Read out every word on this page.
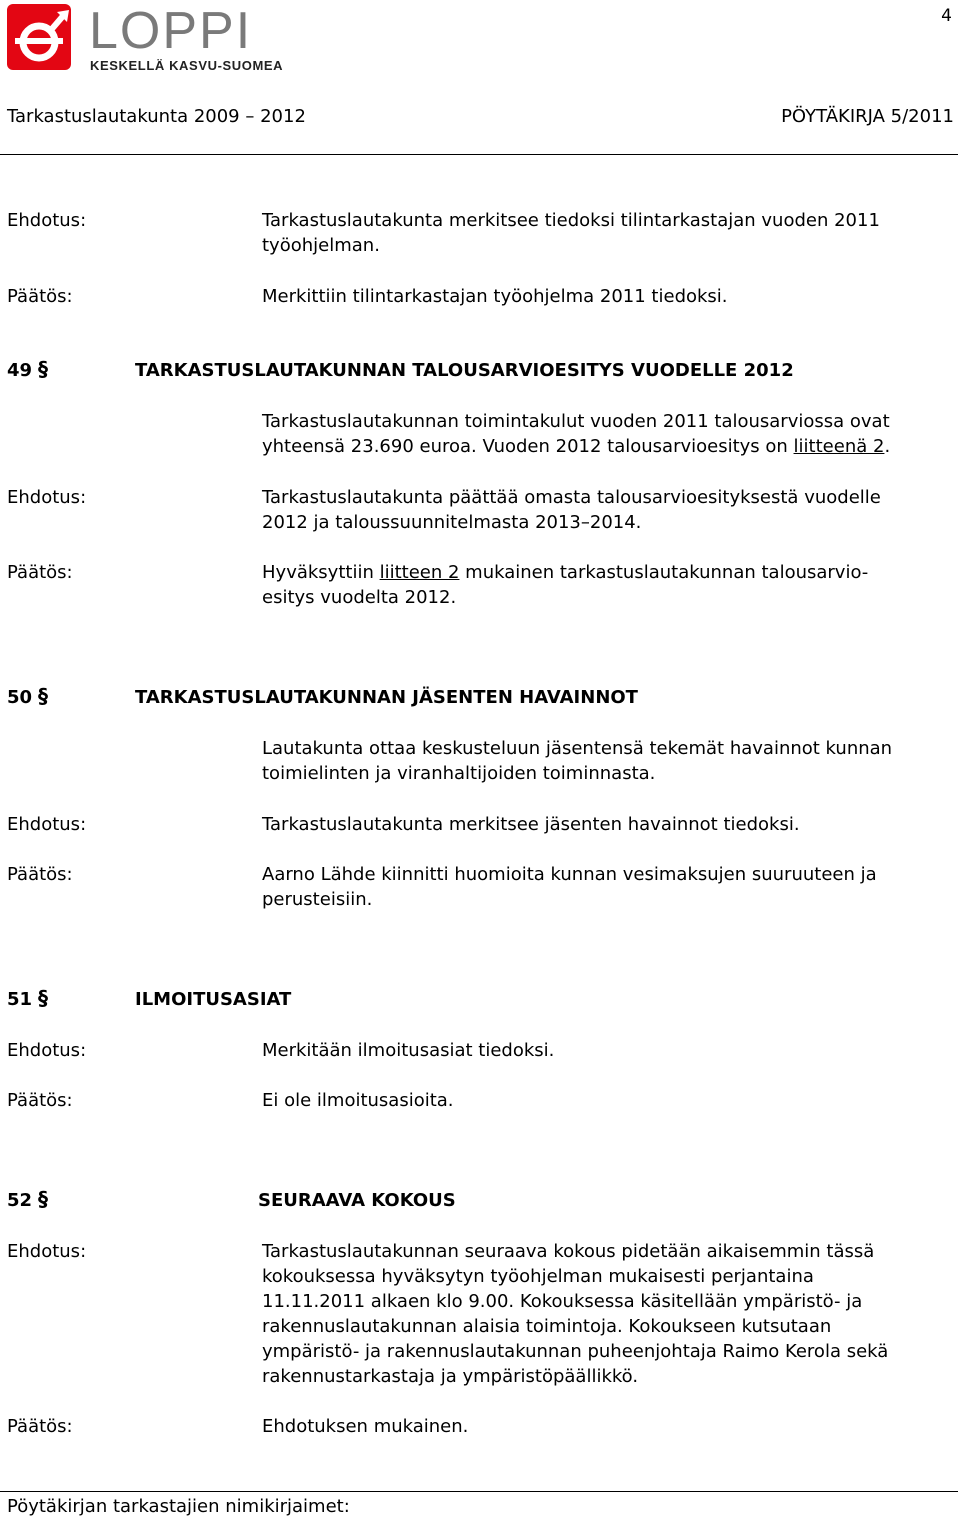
4
LOPPI
KESKELLÄ KASVU-SUOMEA
Tarkastuslautakunta 2009 – 2012	PÖYTÄKIRJA 5/2011
Ehdotus:	Tarkastuslautakunta merkitsee tiedoksi tilintarkastajan vuoden 2011
työohjelman.
Päätös:	Merkittiin tilintarkastajan työohjelma 2011 tiedoksi.
49 §	TARKASTUSLAUTAKUNNAN TALOUSARVIOESITYS VUODELLE 2012
Tarkastuslautakunnan toimintakulut vuoden 2011 talousarviossa ovat
yhteensä 23.690 euroa. Vuoden 2012 talousarvioesitys on liitteenä 2.
Ehdotus:	Tarkastuslautakunta päättää omasta talousarvioesityksestä vuodelle
2012 ja taloussuunnitelmasta 2013–2014.
Päätös:	Hyväksyttiin liitteen 2 mukainen tarkastuslautakunnan talousarvio-
esitys vuodelta 2012.
50 §	TARKASTUSLAUTAKUNNAN JÄSENTEN HAVAINNOT
Lautakunta ottaa keskusteluun jäsentensä tekemät havainnot kunnan
toimielinten ja viranhaltijoiden toiminnasta.
Ehdotus:	Tarkastuslautakunta merkitsee jäsenten havainnot tiedoksi.
Päätös:	Aarno Lähde kiinnitti huomioita kunnan vesimaksujen suuruuteen ja
perusteisiin.
51 §	ILMOITUSASIAT
Ehdotus:	Merkitään ilmoitusasiat tiedoksi.
Päätös:	Ei ole ilmoitusasioita.
52 §	SEURAAVA KOKOUS
Ehdotus:	Tarkastuslautakunnan seuraava kokous pidetään aikaisemmin tässä
kokouksessa hyväksytyn työohjelman mukaisesti perjantaina
11.11.2011 alkaen klo 9.00. Kokouksessa käsitellään ympäristö- ja
rakennuslautakunnan alaisia toimintoja. Kokoukseen kutsutaan
ympäristö- ja rakennuslautakunnan puheenjohtaja Raimo Kerola sekä
rakennustarkastaja ja ympäristöpäällikkö.
Päätös:	Ehdotuksen mukainen.
Pöytäkirjan tarkastajien nimikirjaimet:
